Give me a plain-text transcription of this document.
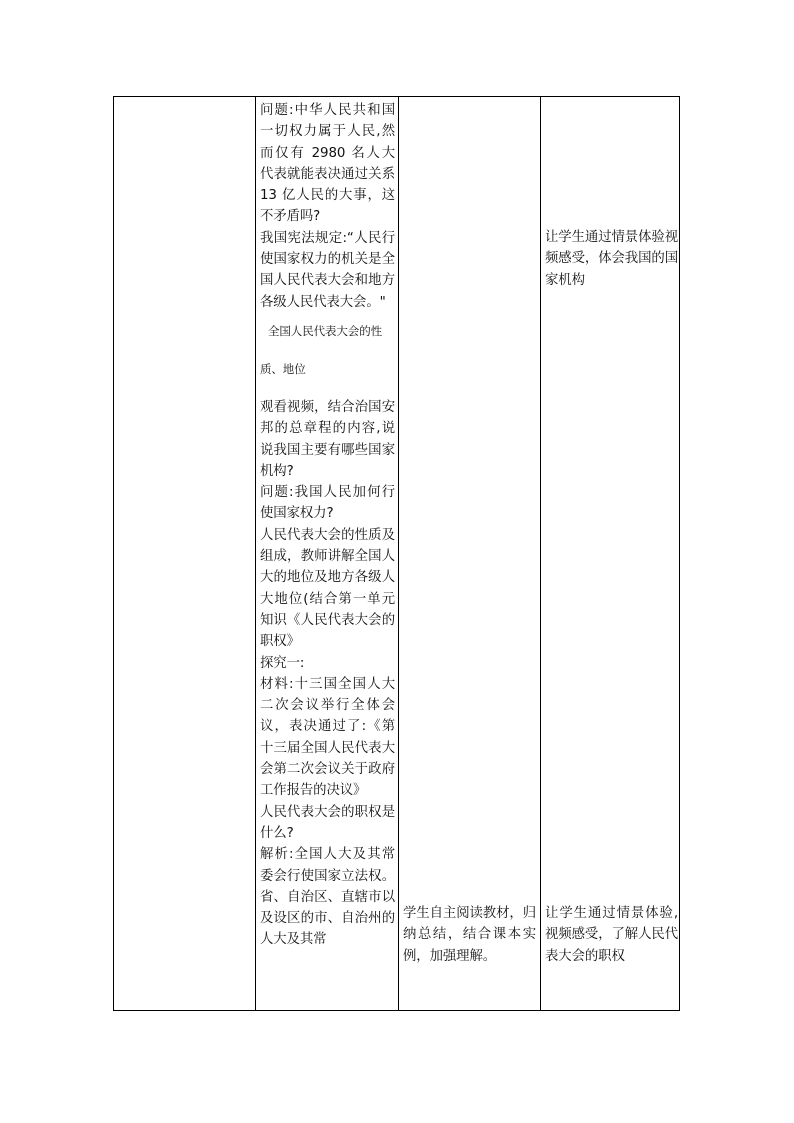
问题:中华人民共和国一切权力属于人民,然而仅有 2980 名人大代表就能表决通过关系 13 亿人民的大事，这不矛盾吗?

我国宪法规定:“人民行使国家权力的机关是全国人民代表大会和地方各级人民代表大会。"

全国人民代表大会的性

质、地位

观看视频，结合治国安邦的总章程的内容,说说我国主要有哪些国家机构?

问题:我国人民加何行使国家权力?

人民代表大会的性质及组成，教师讲解全国人大的地位及地方各级人大地位(结合第一单元知识《人民代表大会的职权》

探究一:

材料:十三国全国人大二次会议举行全体会议，表决通过了:《第十三届全国人民代表大会第二次会议关于政府工作报告的决议》

人民代表大会的职权是什么?

解析:全国人大及其常委会行使国家立法权。省、自治区、直辖市以及设区的市、自治州的人大及其常

学生自主阅读教材，归纳总结，结合课本实例，加强理解。

让学生通过情景体验视频感受，体会我国的国家机构

让学生通过情景体验,视频感受，了解人民代表大会的职权
